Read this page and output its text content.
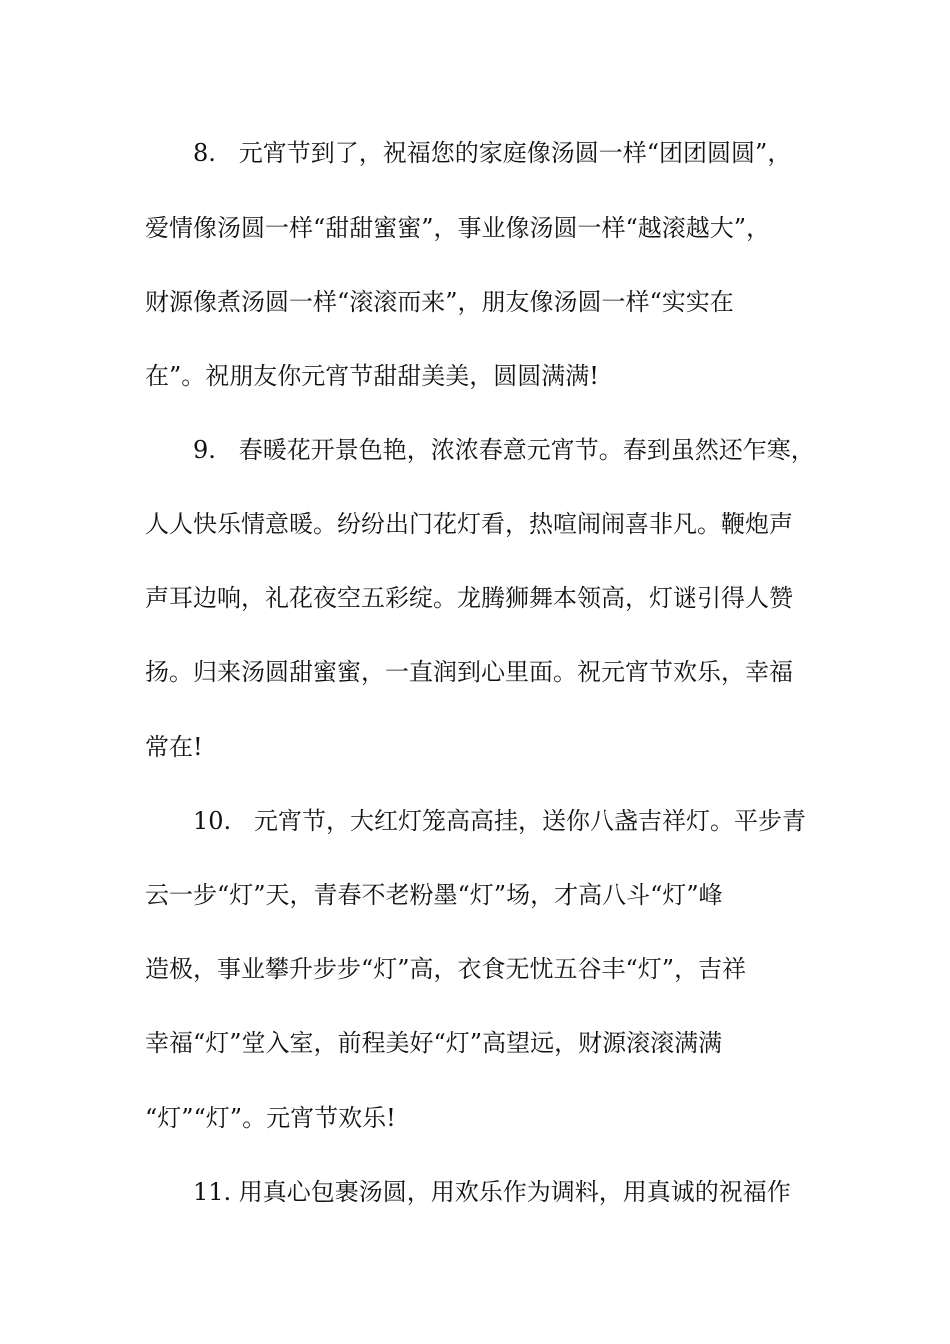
8.   元宵节到了，祝福您的家庭像汤圆一样“团团圆圆”，
爱情像汤圆一样“甜甜蜜蜜”，事业像汤圆一样“越滚越大”，
财源像煮汤圆一样“滚滚而来”，朋友像汤圆一样“实实在
在”。祝朋友你元宵节甜甜美美，圆圆满满!
9.   春暖花开景色艳，浓浓春意元宵节。春到虽然还乍寒，
人人快乐情意暖。纷纷出门花灯看，热喧闹闹喜非凡。鞭炮声
声耳边响，礼花夜空五彩绽。龙腾狮舞本领高，灯谜引得人赞
扬。归来汤圆甜蜜蜜，一直润到心里面。祝元宵节欢乐，幸福
常在!
10.   元宵节，大红灯笼高高挂，送你八盏吉祥灯。平步青
云一步“灯”天，青春不老粉墨“灯”场，才高八斗“灯”峰
造极，事业攀升步步“灯”高，衣食无忧五谷丰“灯”，吉祥
幸福“灯”堂入室，前程美好“灯”高望远，财源滚滚满满
“灯”“灯”。元宵节欢乐!
11. 用真心包裹汤圆，用欢乐作为调料，用真诚的祝福作
